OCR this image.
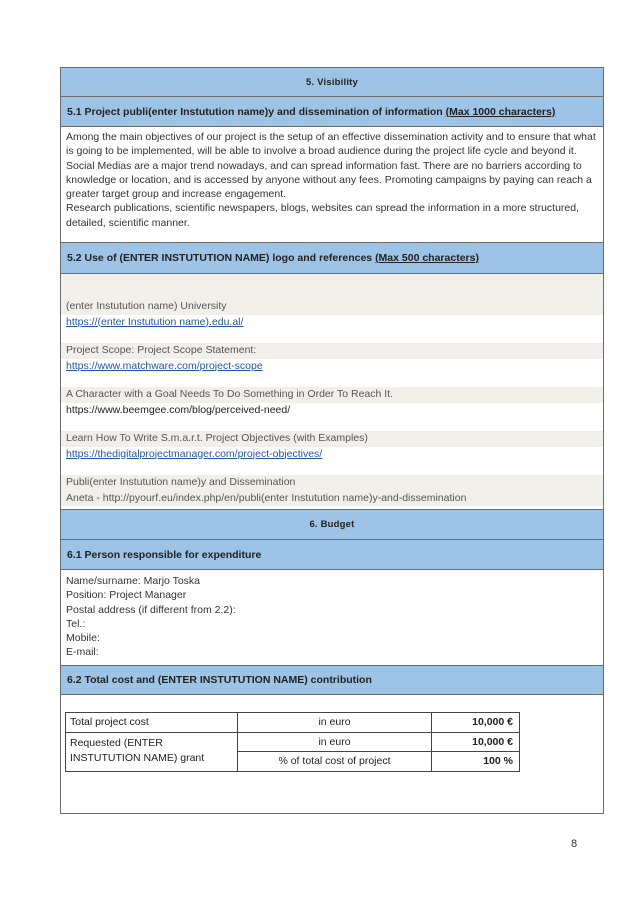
5. Visibility
5.1 Project publi(enter Instutution name)y and dissemination of information (Max 1000 characters)

Among the main objectives of our project is the setup of an effective dissemination activity and to ensure that what is going to be implemented, will be able to involve a broad audience during the project life cycle and beyond it.

Social Medias are a major trend nowadays, and can spread information fast. There are no barriers according to knowledge or location, and is accessed by anyone without any fees. Promoting campaigns by paying can reach a greater target group and increase engagement.

Research publications, scientific newspapers, blogs, websites can spread the information in a more structured, detailed, scientific manner.

5.2 Use of (ENTER INSTUTUTION NAME) logo and references (Max 500 characters)

(enter Instutution name) University
https://(enter Instutution name).edu.al/
Project Scope: Project Scope Statement:
https://www.matchware.com/project-scope
A Character with a Goal Needs To Do Something in Order To Reach It.
https://www.beemgee.com/blog/perceived-need/
Learn How To Write S.m.a.r.t. Project Objectives (with Examples)
https://thedigitalprojectmanager.com/project-objectives/
Publi(enter Instutution name)y and Dissemination
Aneta - http://pyourf.eu/index.php/en/publi(enter Instutution name)y-and-dissemination

6. Budget
6.1 Person responsible for expenditure

Name/surname: Marjo Toska

Position: Project Manager

Postal address (if different from 2.2):

Tel.:

Mobile:

E-mail:

6.2 Total cost and (ENTER INSTUTUTION NAME) contribution

Total project cost	in euro	10,000 €
Requested (ENTER INSTUTUTION NAME) grant	in euro	10,000 €
	% of total cost of project	100 %
8
